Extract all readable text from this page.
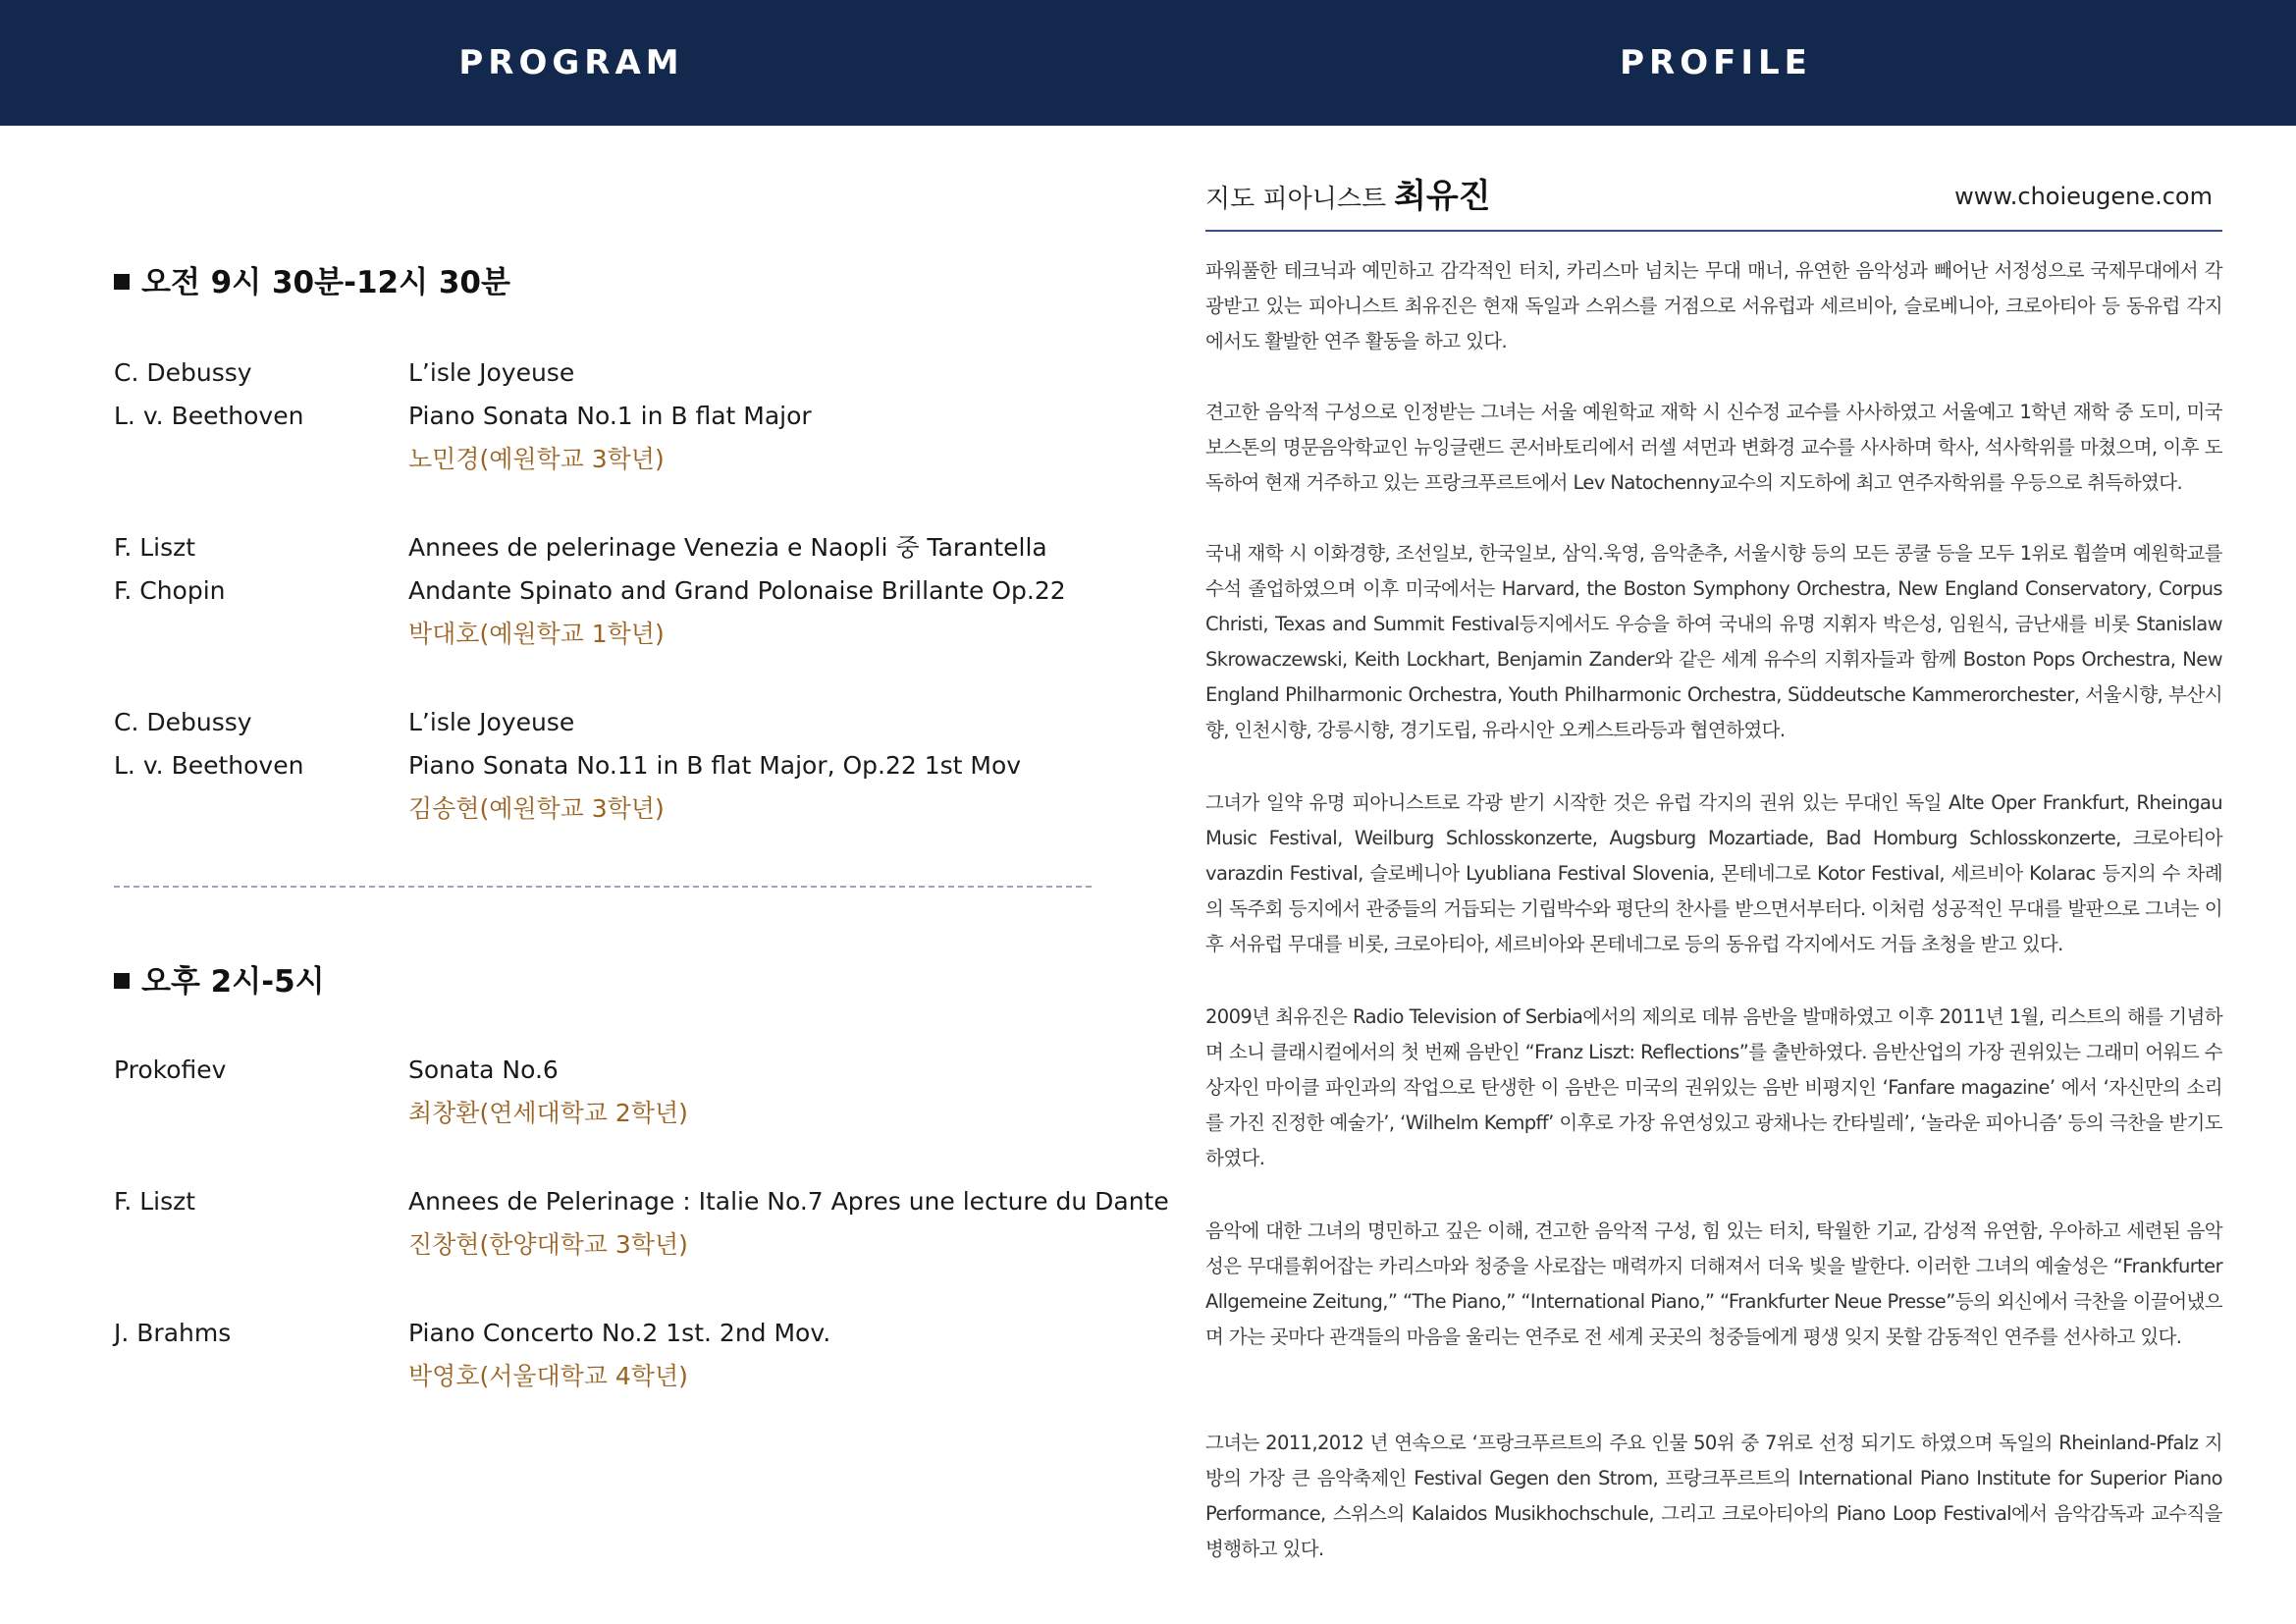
PROGRAM	PROFILE
오전 9시 30분-12시 30분
C. Debussy	L’isle Joyeuse
L. v. Beethoven	Piano Sonata No.1 in B flat Major
노민경(예원학교 3학년)
F. Liszt	Annees de pelerinage Venezia e Naopli 중 Tarantella
F. Chopin	Andante Spinato and Grand Polonaise Brillante Op.22
박대호(예원학교 1학년)
C. Debussy	L’isle Joyeuse
L. v. Beethoven	Piano Sonata No.11 in B flat Major, Op.22 1st Mov
김송현(예원학교 3학년)
오후 2시-5시
Prokofiev	Sonata No.6
최창환(연세대학교 2학년)
F. Liszt	Annees de Pelerinage : Italie No.7 Apres une lecture du Dante
진창현(한양대학교 3학년)
J. Brahms	Piano Concerto No.2 1st. 2nd Mov.
박영호(서울대학교 4학년)
지도 피아니스트 최유진	www.choieugene.com

파워풀한 테크닉과 예민하고 감각적인 터치, 카리스마 넘치는 무대 매너, 유연한 음악성과 빼어난 서정성으로 국제무대에서 각광받고 있는 피아니스트 최유진은 현재 독일과 스위스를 거점으로 서유럽과 세르비아, 슬로베니아, 크로아티아 등 동유럽 각지에서도 활발한 연주 활동을 하고 있다.

견고한 음악적 구성으로 인정받는 그녀는 서울 예원학교 재학 시 신수정 교수를 사사하였고 서울예고 1학년 재학 중 도미, 미국 보스톤의 명문음악학교인 뉴잉글랜드 콘서바토리에서 러셀 셔먼과 변화경 교수를 사사하며 학사, 석사학위를 마쳤으며, 이후 도독하여 현재 거주하고 있는 프랑크푸르트에서 Lev Natochenny교수의 지도하에 최고 연주자학위를 우등으로 취득하였다.

국내 재학 시 이화경향, 조선일보, 한국일보, 삼익.욱영, 음악춘추, 서울시향 등의 모든 콩쿨 등을 모두 1위로 휩쓸며 예원학교를 수석 졸업하였으며 이후 미국에서는 Harvard, the Boston Symphony Orchestra, New England Conservatory, Corpus Christi, Texas and Summit Festival등지에서도 우승을 하여 국내의 유명 지휘자 박은성, 임원식, 금난새를 비롯 Stanislaw Skrowaczewski, Keith Lockhart, Benjamin Zander와 같은 세계 유수의 지휘자들과 함께 Boston Pops Orchestra, New England Philharmonic Orchestra, Youth Philharmonic Orchestra, Süddeutsche Kammerorchester, 서울시향, 부산시향, 인천시향, 강릉시향, 경기도립, 유라시안 오케스트라등과 협연하였다.

그녀가 일약 유명 피아니스트로 각광 받기 시작한 것은 유럽 각지의 권위 있는 무대인 독일 Alte Oper Frankfurt, Rheingau Music Festival, Weilburg Schlosskonzerte, Augsburg Mozartiade, Bad Homburg Schlosskonzerte, 크로아티아 varazdin Festival, 슬로베니아 Lyubliana Festival Slovenia, 몬테네그로 Kotor Festival, 세르비아 Kolarac 등지의 수 차례의 독주회 등지에서 관중들의 거듭되는 기립박수와 평단의 찬사를 받으면서부터다. 이처럼 성공적인 무대를 발판으로 그녀는 이후 서유럽 무대를 비롯, 크로아티아, 세르비아와 몬테네그로 등의 동유럽 각지에서도 거듭 초청을 받고 있다.

2009년 최유진은 Radio Television of Serbia에서의 제의로 데뷰 음반을 발매하였고 이후 2011년 1월, 리스트의 해를 기념하며 소니 클래시컬에서의 첫 번째 음반인 “Franz Liszt: Reflections”를 출반하였다. 음반산업의 가장 권위있는 그래미 어워드 수상자인 마이클 파인과의 작업으로 탄생한 이 음반은 미국의 권위있는 음반 비평지인 ‘Fanfare magazine’ 에서 ‘자신만의 소리를 가진 진정한 예술가’, ‘Wilhelm Kempff’ 이후로 가장 유연성있고 광채나는 칸타빌레’, ‘놀라운 피아니즘’ 등의 극찬을 받기도 하였다.

음악에 대한 그녀의 명민하고 깊은 이해, 견고한 음악적 구성, 힘 있는 터치, 탁월한 기교, 감성적 유연함, 우아하고 세련된 음악성은 무대를휘어잡는 카리스마와 청중을 사로잡는 매력까지 더해져서 더욱 빛을 발한다. 이러한 그녀의 예술성은 “Frankfurter Allgemeine Zeitung,” “The Piano,” “International Piano,” “Frankfurter Neue Presse”등의 외신에서 극찬을 이끌어냈으며 가는 곳마다 관객들의 마음을 울리는 연주로 전 세계 곳곳의 청중들에게 평생 잊지 못할 감동적인 연주를 선사하고 있다.

그녀는 2011,2012 년 연속으로 ‘프랑크푸르트의 주요 인물 50위 중 7위로 선정 되기도 하였으며 독일의 Rheinland-Pfalz 지방의 가장 큰 음악축제인 Festival Gegen den Strom, 프랑크푸르트의 International Piano Institute for Superior Piano Performance, 스위스의 Kalaidos Musikhochschule, 그리고 크로아티아의 Piano Loop Festival에서 음악감독과 교수직을 병행하고 있다.
